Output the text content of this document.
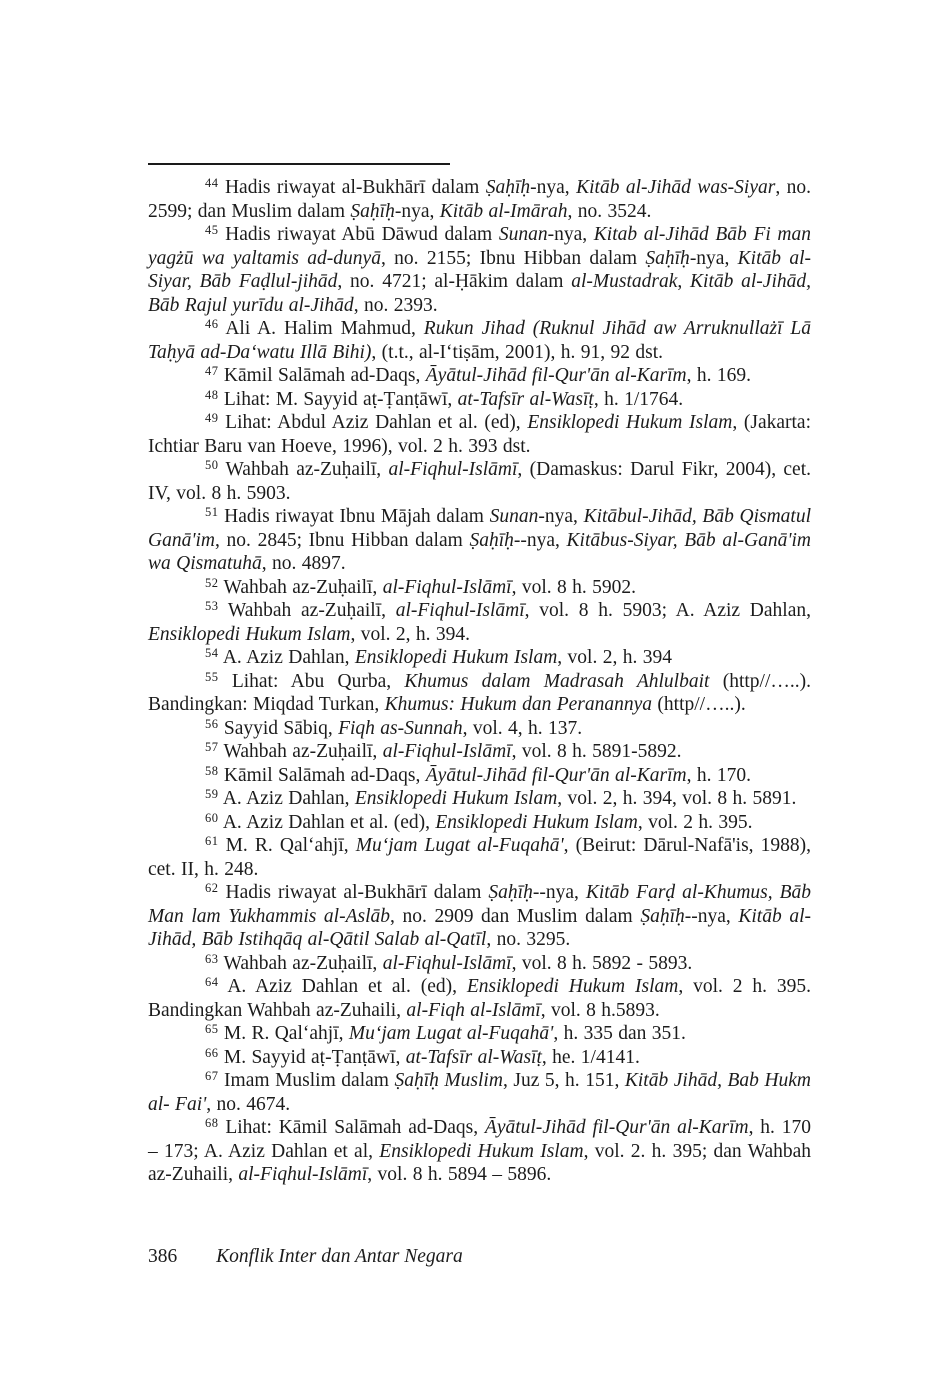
$^{44}$ Hadis riwayat al-Bukhārī dalam Ṣaḥīḥ-nya, Kitāb al-Jihād was-Siyar, no. 2599; dan Muslim dalam Ṣaḥīḥ-nya, Kitāb al-Imārah, no. 3524.

$^{45}$ Hadis riwayat Abū Dāwud dalam Sunan-nya, Kitab al-Jihād Bāb Fi man yagżū wa yaltamis ad-dunyā, no. 2155; Ibnu Hibban dalam Ṣaḥīḥ-nya, Kitāb al-Siyar, Bāb Faḍlul-jihād, no. 4721; al-Ḥākim dalam al-Mustadrak, Kitāb al-Jihād, Bāb Rajul yurīdu al-Jihād, no. 2393.

$^{46}$ Ali A. Halim Mahmud, Rukun Jihad (Ruknul Jihād aw Arruknullażī Lā Taḥyā ad-Da‘watu Illā Bihi), (t.t., al-I‘tiṣām, 2001), h. 91, 92 dst.

$^{47}$ Kāmil Salāmah ad-Daqs, Āyātul-Jihād fil-Qur'ān al-Karīm, h. 169.

$^{48}$ Lihat: M. Sayyid aṭ-Ṭanṭāwī, at-Tafsīr al-Wasīṭ, h. 1/1764.

$^{49}$ Lihat: Abdul Aziz Dahlan et al. (ed), Ensiklopedi Hukum Islam, (Jakarta: Ichtiar Baru van Hoeve, 1996), vol. 2 h. 393 dst.

$^{50}$ Wahbah az-Zuḥailī, al-Fiqhul-Islāmī, (Damaskus: Darul Fikr, 2004), cet. IV, vol. 8 h. 5903.

$^{51}$ Hadis riwayat Ibnu Mājah dalam Sunan-nya, Kitābul-Jihād, Bāb Qismatul Ganā'im, no. 2845; Ibnu Hibban dalam Ṣaḥīḥ--nya, Kitābus-Siyar, Bāb al-Ganā'im wa Qismatuhā, no. 4897.

$^{52}$ Wahbah az-Zuḥailī, al-Fiqhul-Islāmī, vol. 8 h. 5902.

$^{53}$ Wahbah az-Zuḥailī, al-Fiqhul-Islāmī, vol. 8 h. 5903; A. Aziz Dahlan, Ensiklopedi Hukum Islam, vol. 2, h. 394.

$^{54}$ A. Aziz Dahlan, Ensiklopedi Hukum Islam, vol. 2, h. 394

$^{55}$ Lihat: Abu Qurba, Khumus dalam Madrasah Ahlulbait (http//…..). Bandingkan: Miqdad Turkan, Khumus: Hukum dan Peranannya (http//…..).

$^{56}$ Sayyid Sābiq, Fiqh as-Sunnah, vol. 4, h. 137.

$^{57}$ Wahbah az-Zuḥailī, al-Fiqhul-Islāmī, vol. 8 h. 5891-5892.

$^{58}$ Kāmil Salāmah ad-Daqs, Āyātul-Jihād fil-Qur'ān al-Karīm, h. 170.

$^{59}$ A. Aziz Dahlan, Ensiklopedi Hukum Islam, vol. 2, h. 394, vol. 8 h. 5891.

$^{60}$ A. Aziz Dahlan et al. (ed), Ensiklopedi Hukum Islam, vol. 2 h. 395.

$^{61}$ M. R. Qal‘ahjī, Mu‘jam Lugat al-Fuqahā', (Beirut: Dārul-Nafā'is, 1988), cet. II, h. 248.

$^{62}$ Hadis riwayat al-Bukhārī dalam Ṣaḥīḥ--nya, Kitāb Farḍ al-Khumus, Bāb Man lam Yukhammis al-Aslāb, no. 2909 dan Muslim dalam Ṣaḥīḥ--nya, Kitāb al-Jihād, Bāb Istihqāq al-Qātil Salab al-Qatīl, no. 3295.

$^{63}$ Wahbah az-Zuḥailī, al-Fiqhul-Islāmī, vol. 8 h. 5892 - 5893.

$^{64}$ A. Aziz Dahlan et al. (ed), Ensiklopedi Hukum Islam, vol. 2 h. 395. Bandingkan Wahbah az-Zuhaili, al-Fiqh al-Islāmī, vol. 8 h.5893.

$^{65}$ M. R. Qal‘ahjī, Mu‘jam Lugat al-Fuqahā', h. 335 dan 351.

$^{66}$ M. Sayyid aṭ-Ṭanṭāwī, at-Tafsīr al-Wasīṭ, he. 1/4141.

$^{67}$ Imam Muslim dalam Ṣaḥīḥ Muslim, Juz 5, h. 151, Kitāb Jihād, Bab Hukm al- Fai', no. 4674.

$^{68}$ Lihat: Kāmil Salāmah ad-Daqs, Āyātul-Jihād fil-Qur'ān al-Karīm, h. 170 – 173; A. Aziz Dahlan et al, Ensiklopedi Hukum Islam, vol. 2. h. 395; dan Wahbah az-Zuhaili, al-Fiqhul-Islāmī, vol. 8 h. 5894 – 5896.

386 Konflik Inter dan Antar Negara
